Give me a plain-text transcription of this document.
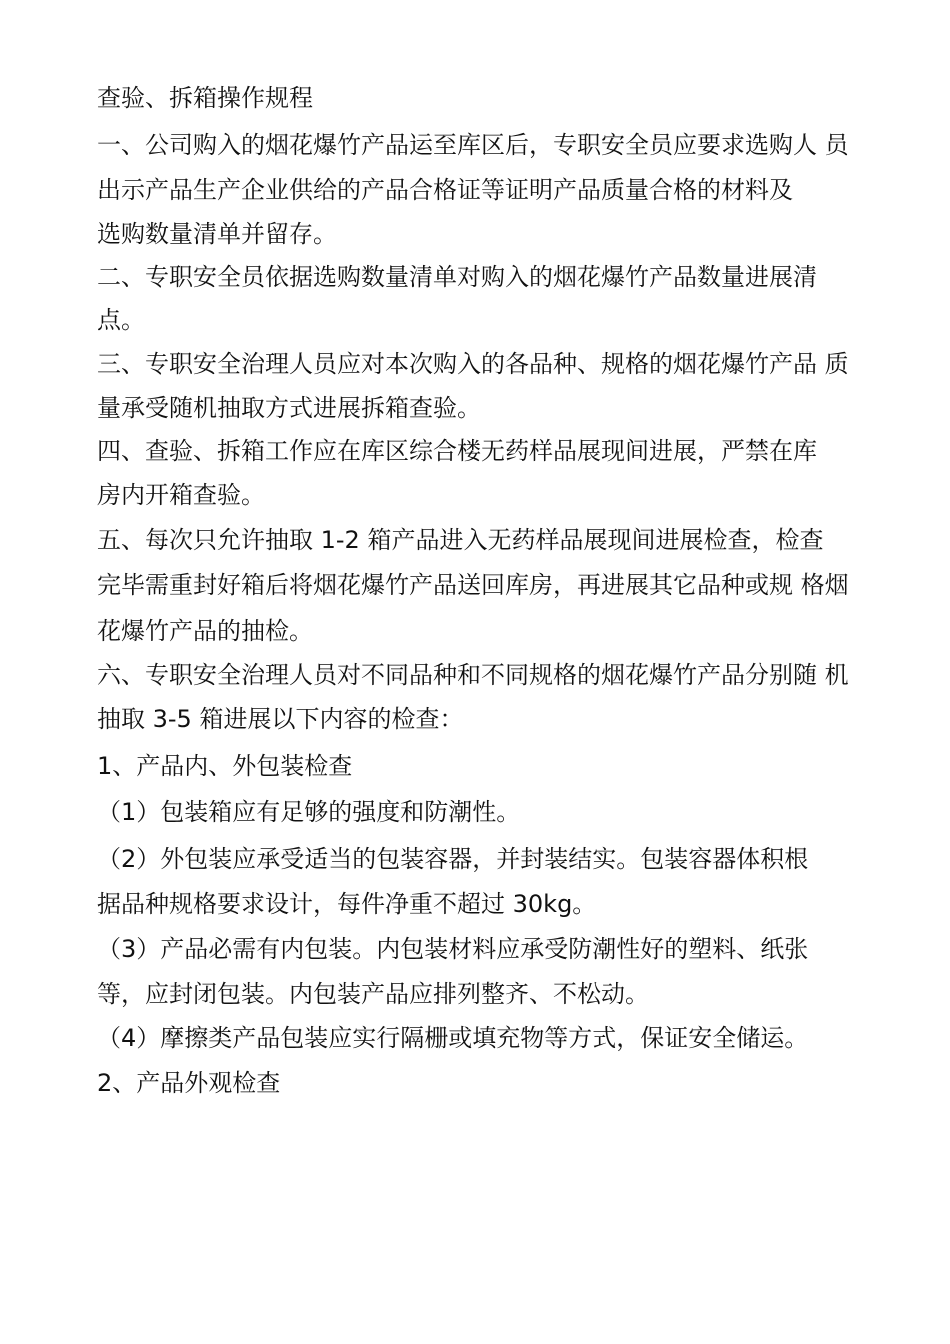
查验、拆箱操作规程
一、公司购入的烟花爆竹产品运至库区后，专职安全员应要求选购人 员
出示产品生产企业供给的产品合格证等证明产品质量合格的材料及
选购数量清单并留存。
二、专职安全员依据选购数量清单对购入的烟花爆竹产品数量进展清
点。
三、专职安全治理人员应对本次购入的各品种、规格的烟花爆竹产品 质
量承受随机抽取方式进展拆箱查验。
四、查验、拆箱工作应在库区综合楼无药样品展现间进展，严禁在库
房内开箱查验。
五、每次只允许抽取 1-2 箱产品进入无药样品展现间进展检查，检查
完毕需重封好箱后将烟花爆竹产品送回库房，再进展其它品种或规 格烟
花爆竹产品的抽检。
六、专职安全治理人员对不同品种和不同规格的烟花爆竹产品分别随 机
抽取 3-5 箱进展以下内容的检查：
1、产品内、外包装检查
（1）包装箱应有足够的强度和防潮性。
（2）外包装应承受适当的包装容器，并封装结实。包装容器体积根
据品种规格要求设计，每件净重不超过 30kg。
（3）产品必需有内包装。内包装材料应承受防潮性好的塑料、纸张
等，应封闭包装。内包装产品应排列整齐、不松动。
（4）摩擦类产品包装应实行隔栅或填充物等方式，保证安全储运。
2、产品外观检查
